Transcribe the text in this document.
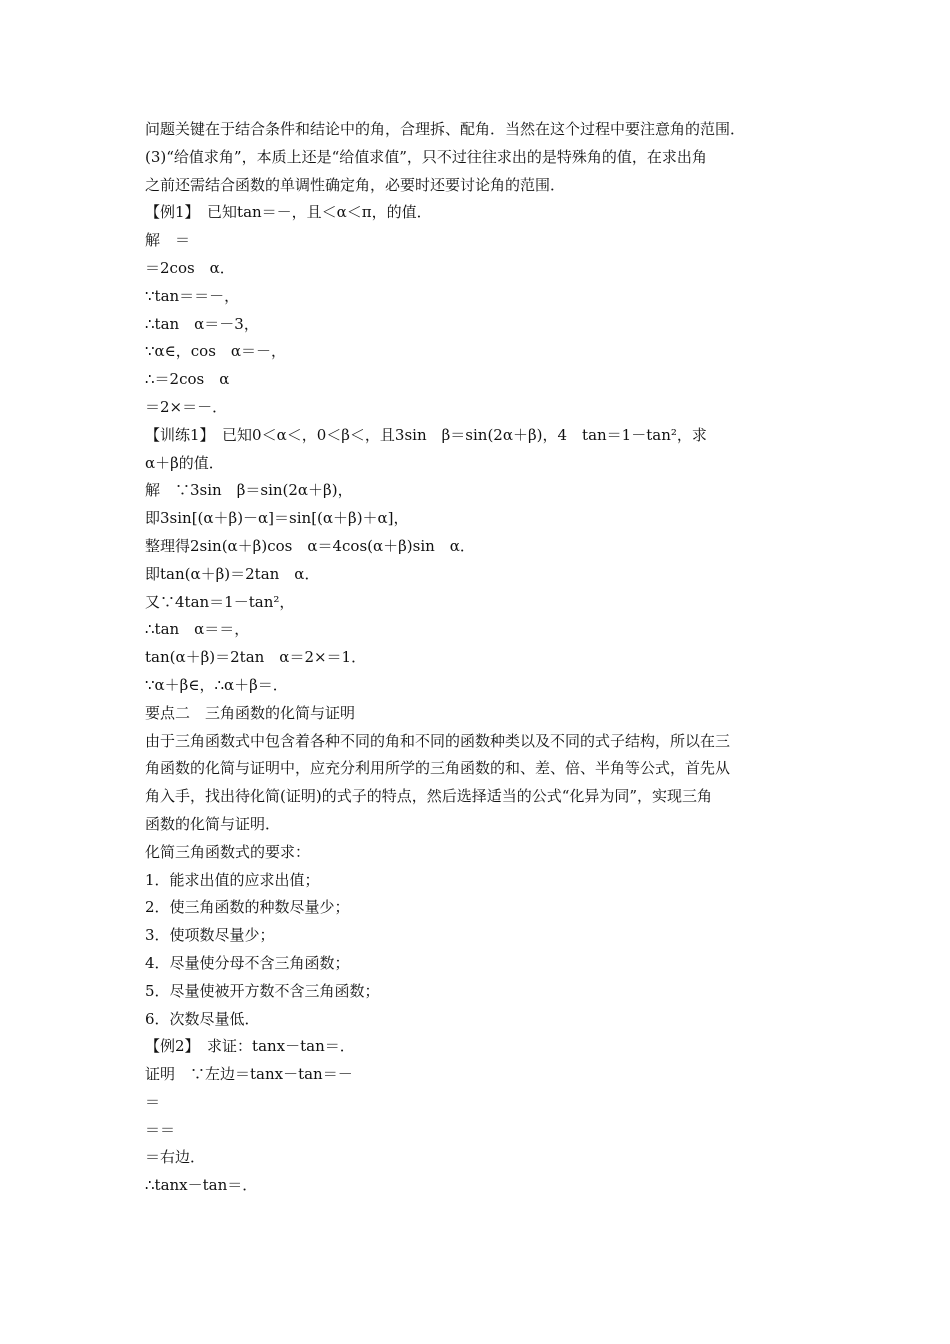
问题关键在于结合条件和结论中的角，合理拆、配角．当然在这个过程中要注意角的范围．
(3)“给值求角”，本质上还是“给值求值”，只不过往往求出的是特殊角的值，在求出角
之前还需结合函数的单调性确定角，必要时还要讨论角的范围．
【例1】　已知tan＝－，且＜α＜π，的值．
解　＝
＝2cos　α．
∵tan＝＝－，
∴tan　α＝－3，
∵α∈，cos　α＝－，
∴＝2cos　α
＝2×＝－．
【训练1】　已知0＜α＜，0＜β＜，且3sin　β＝sin(2α＋β)，4　tan＝1－tan²，求
α＋β的值．
解　∵3sin　β＝sin(2α＋β)，
即3sin[(α＋β)－α]＝sin[(α＋β)＋α]，
整理得2sin(α＋β)cos　α＝4cos(α＋β)sin　α．
即tan(α＋β)＝2tan　α．
又∵4tan＝1－tan²，
∴tan　α＝＝，
tan(α＋β)＝2tan　α＝2×＝1．
∵α＋β∈，∴α＋β＝．
要点二　三角函数的化简与证明
由于三角函数式中包含着各种不同的角和不同的函数种类以及不同的式子结构，所以在三
角函数的化简与证明中，应充分利用所学的三角函数的和、差、倍、半角等公式，首先从
角入手，找出待化简(证明)的式子的特点，然后选择适当的公式“化异为同”，实现三角
函数的化简与证明．
化简三角函数式的要求：
1．能求出值的应求出值；
2．使三角函数的种数尽量少；
3．使项数尽量少；
4．尽量使分母不含三角函数；
5．尽量使被开方数不含三角函数；
6．次数尽量低．
【例2】　求证：tanx－tan＝．
证明　∵左边＝tanx－tan＝－
＝
＝＝
＝右边．
∴tanx－tan＝．
